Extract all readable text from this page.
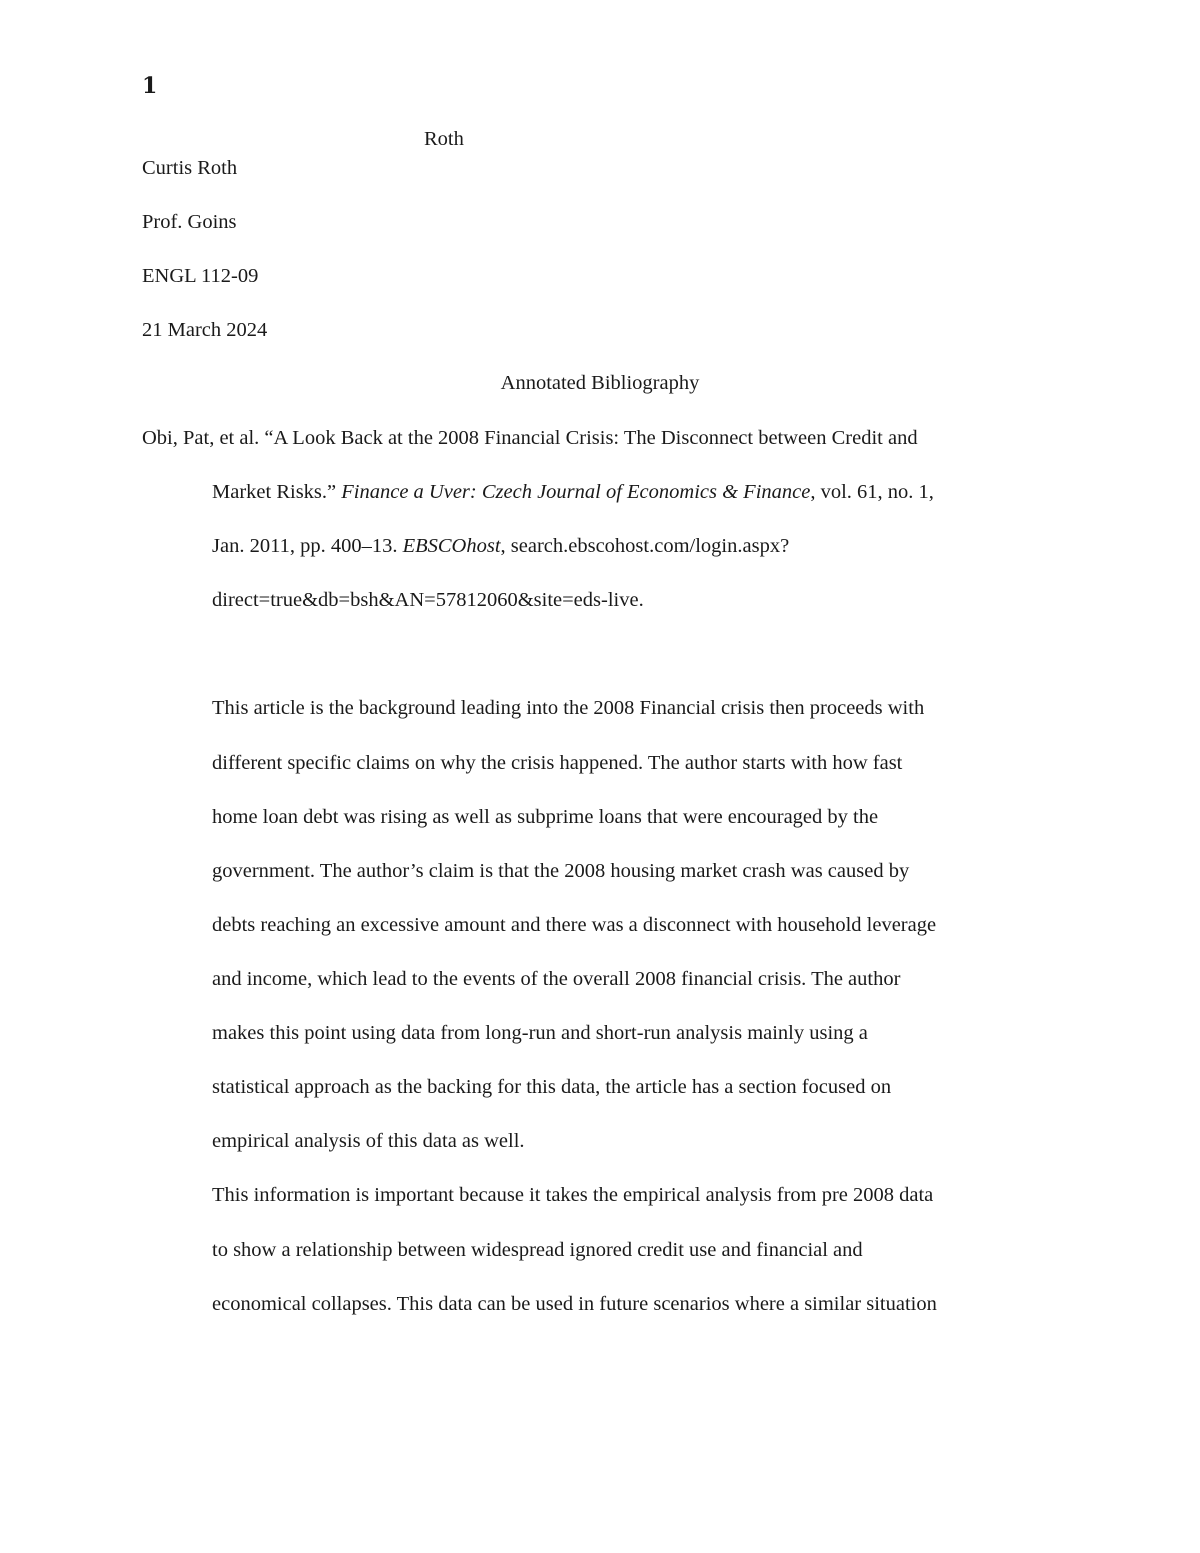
1
Roth
Curtis Roth
Prof. Goins
ENGL 112-09
21 March 2024
Annotated Bibliography
Obi, Pat, et al. “A Look Back at the 2008 Financial Crisis: The Disconnect between Credit and
Market Risks.” Finance a Uver: Czech Journal of Economics & Finance, vol. 61, no. 1,
Jan. 2011, pp. 400–13. EBSCOhost, search.ebscohost.com/login.aspx?
direct=true&db=bsh&AN=57812060&site=eds-live.
This article is the background leading into the 2008 Financial crisis then proceeds with
different specific claims on why the crisis happened. The author starts with how fast
home loan debt was rising as well as subprime loans that were encouraged by the
government. The author’s claim is that the 2008 housing market crash was caused by
debts reaching an excessive amount and there was a disconnect with household leverage
and income, which lead to the events of the overall 2008 financial crisis. The author
makes this point using data from long-run and short-run analysis mainly using a
statistical approach as the backing for this data, the article has a section focused on
empirical analysis of this data as well.
This information is important because it takes the empirical analysis from pre 2008 data
to show a relationship between widespread ignored credit use and financial and
economical collapses. This data can be used in future scenarios where a similar situation
